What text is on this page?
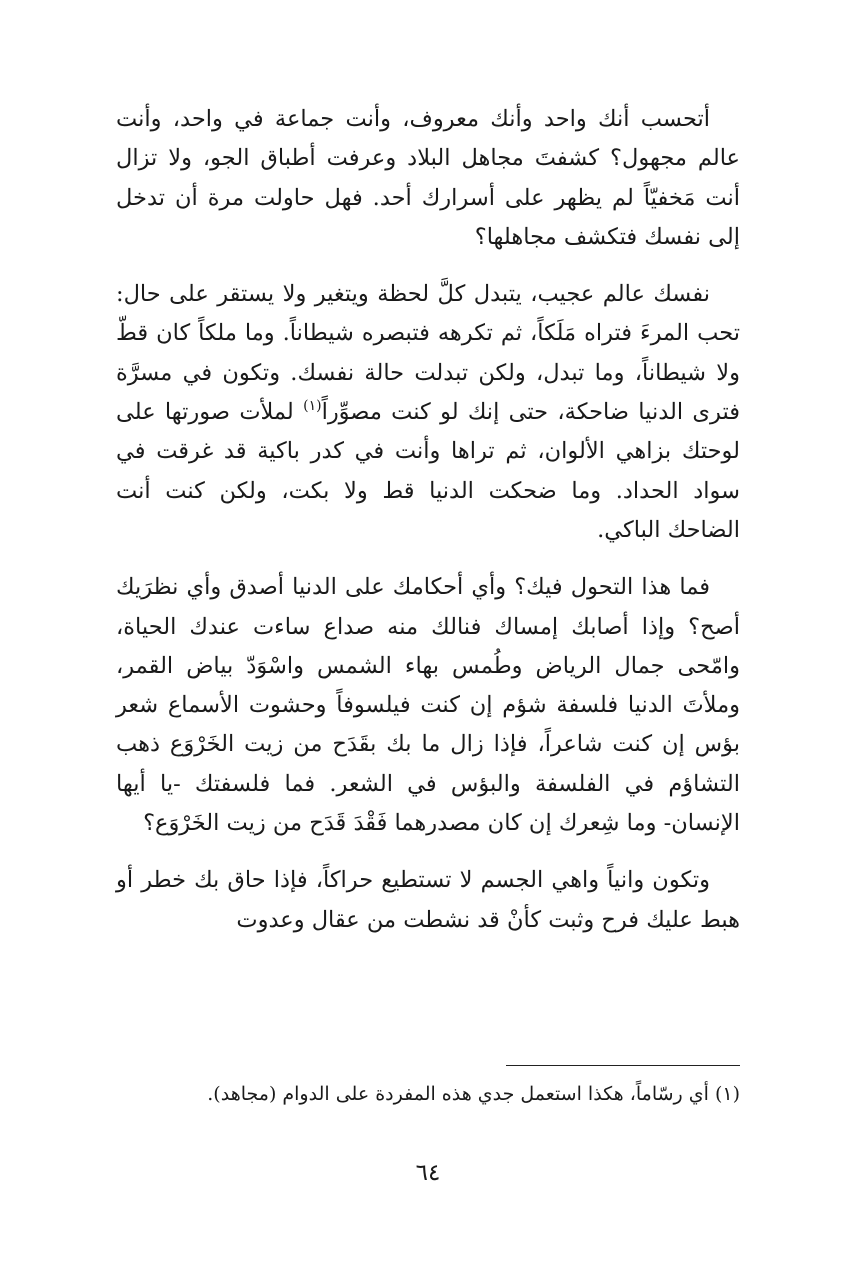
أتحسب أنك واحد وأنك معروف، وأنت جماعة في واحد، وأنت عالم مجهول؟ كشفتَ مجاهل البلاد وعرفت أطباق الجو، ولا تزال أنت مَخفيّاً لم يظهر على أسرارك أحد. فهل حاولت مرة أن تدخل إلى نفسك فتكشف مجاهلها؟

نفسك عالم عجيب، يتبدل كلَّ لحظة ويتغير ولا يستقر على حال: تحب المرءَ فتراه مَلَكاً، ثم تكرهه فتبصره شيطاناً. وما ملكاً كان قطّ ولا شيطاناً، وما تبدل، ولكن تبدلت حالة نفسك. وتكون في مسرَّة فترى الدنيا ضاحكة، حتى إنك لو كنت مصوِّراً$^{(١)}$ لملأت صورتها على لوحتك بزاهي الألوان، ثم تراها وأنت في كدر باكية قد غرقت في سواد الحداد. وما ضحكت الدنيا قط ولا بكت، ولكن كنت أنت الضاحك الباكي.

فما هذا التحول فيك؟ وأي أحكامك على الدنيا أصدق وأي نظرَيك أصح؟ وإذا أصابك إمساك فنالك منه صداع ساءت عندك الحياة، وامّحى جمال الرياض وطُمس بهاء الشمس واسْوَدّ بياض القمر، وملأتَ الدنيا فلسفة شؤم إن كنت فيلسوفاً وحشوت الأسماع شعر بؤس إن كنت شاعراً، فإذا زال ما بك بقَدَح من زيت الخَرْوَع ذهب التشاؤم في الفلسفة والبؤس في الشعر. فما فلسفتك -يا أيها الإنسان- وما شِعرك إن كان مصدرهما فَقْدَ قَدَح من زيت الخَرْوَع؟

وتكون وانياً واهي الجسم لا تستطيع حراكاً، فإذا حاق بك خطر أو هبط عليك فرح وثبت كأنْ قد نشطت من عقال وعدوت

(١) أي رسّاماً، هكذا استعمل جدي هذه المفردة على الدوام (مجاهد).

٦٤
